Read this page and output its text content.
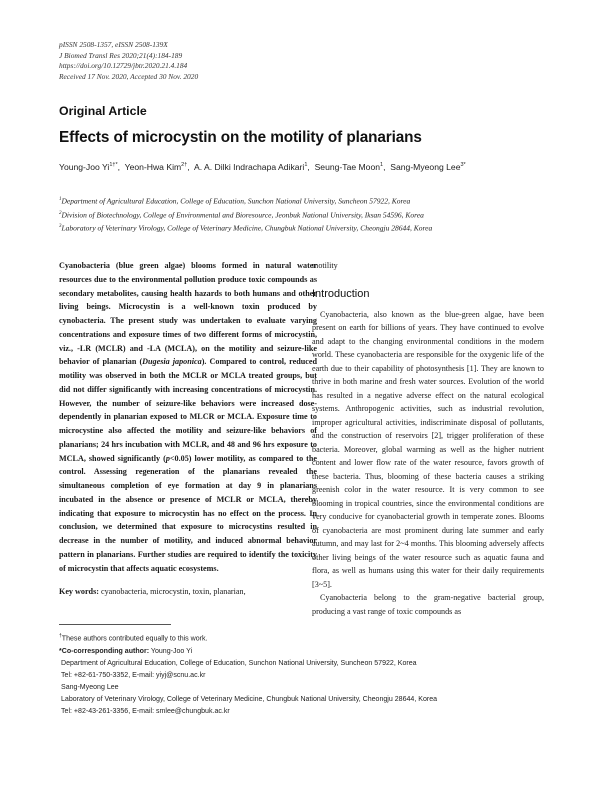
pISSN 2508-1357, eISSN 2508-139X
J Biomed Transl Res 2020;21(4):184-189
https://doi.org/10.12729/jbtr.2020.21.4.184
Received 17 Nov. 2020, Accepted 30 Nov. 2020
Original Article
Effects of microcystin on the motility of planarians
Young-Joo $Yi^{1\dagger*}$,  Yeon-Hwa Kim$^{2\dagger}$,  A. A. Dilki Indrachapa Adikari$^1$,  Seung-Tae Moon$^1$,  Sang-Myeong Lee$^{3*}$
$^1$Department of Agricultural Education, College of Education, Sunchon National University, Suncheon 57922, Korea
$^2$Division of Biotechnology, College of Environmental and Bioresource, Jeonbuk National University, Iksan 54596, Korea
$^3$Laboratory of Veterinary Virology, College of Veterinary Medicine, Chungbuk National University, Cheongju 28644, Korea
Cyanobacteria (blue green algae) blooms formed in natural water resources due to the environmental pollution produce toxic compounds as secondary metabolites, causing health hazards to both humans and other living beings. Microcystin is a well-known toxin produced by cynobacteria. The present study was undertaken to evaluate varying concentrations and exposure times of two different forms of microcystin, viz., -LR (MCLR) and -LA (MCLA), on the motility and seizure-like behavior of planarian (Dugesia japonica). Compared to control, reduced motility was observed in both the MCLR or MCLA treated groups, but did not differ significantly with increasing concentrations of microcystin. However, the number of seizure-like behaviors were increased dose-dependently in planarian exposed to MLCR or MCLA. Exposure time to microcystine also affected the motility and seizure-like behaviors of planarians; 24 hrs incubation with MCLR, and 48 and 96 hrs exposure to MCLA, showed significantly (p<0.05) lower motility, as compared to the control. Assessing regeneration of the planarians revealed the simultaneous completion of eye formation at day 9 in planarians incubated in the absence or presence of MCLR or MCLA, thereby indicating that exposure to microcystin has no effect on the process. In conclusion, we determined that exposure to microcystins resulted in decrease in the number of motility, and induced abnormal behavior pattern in planarians. Further studies are required to identify the toxicity of microcystin that affects aquatic ecosystems.
Key words: cyanobacteria, microcystin, toxin, planarian,
motility
Introduction

Cyanobacteria, also known as the blue-green algae, have been present on earth for billions of years. They have continued to evolve and adapt to the changing environmental conditions in the modern world. These cyanobacteria are responsible for the oxygenic life of the earth due to their capability of photosynthesis [1]. They are known to thrive in both marine and fresh water sources. Evolution of the world has resulted in a negative adverse effect on the natural ecological systems. Anthropogenic activities, such as industrial revolution, improper agricultural activities, indiscriminate disposal of pollutants, and the construction of reservoirs [2], trigger proliferation of these bacteria. Moreover, global warming as well as the higher nutrient content and lower flow rate of the water resource, favors growth of these bacteria. Thus, blooming of these bacteria causes a striking greenish color in the water resource. It is very common to see blooming in tropical countries, since the environmental conditions are very conducive for cyanobacterial growth in temperate zones. Blooms of cyanobacteria are most prominent during late summer and early autumn, and may last for 2~4 months. This blooming adversely affects other living beings of the water resource such as aquatic fauna and flora, as well as humans using this water for their daily requirements [3~5].

Cyanobacteria belong to the gram-negative bacterial group, producing a vast range of toxic compounds as

†These authors contributed equally to this work.
*Co-corresponding author: Young-Joo Yi
Department of Agricultural Education, College of Education, Sunchon National University, Suncheon 57922, Korea
Tel: +82-61-750-3352, E-mail: yiyj@scnu.ac.kr
Sang-Myeong Lee
Laboratory of Veterinary Virology, College of Veterinary Medicine, Chungbuk National University, Cheongju 28644, Korea
Tel: +82-43-261-3356, E-mail: smlee@chungbuk.ac.kr
